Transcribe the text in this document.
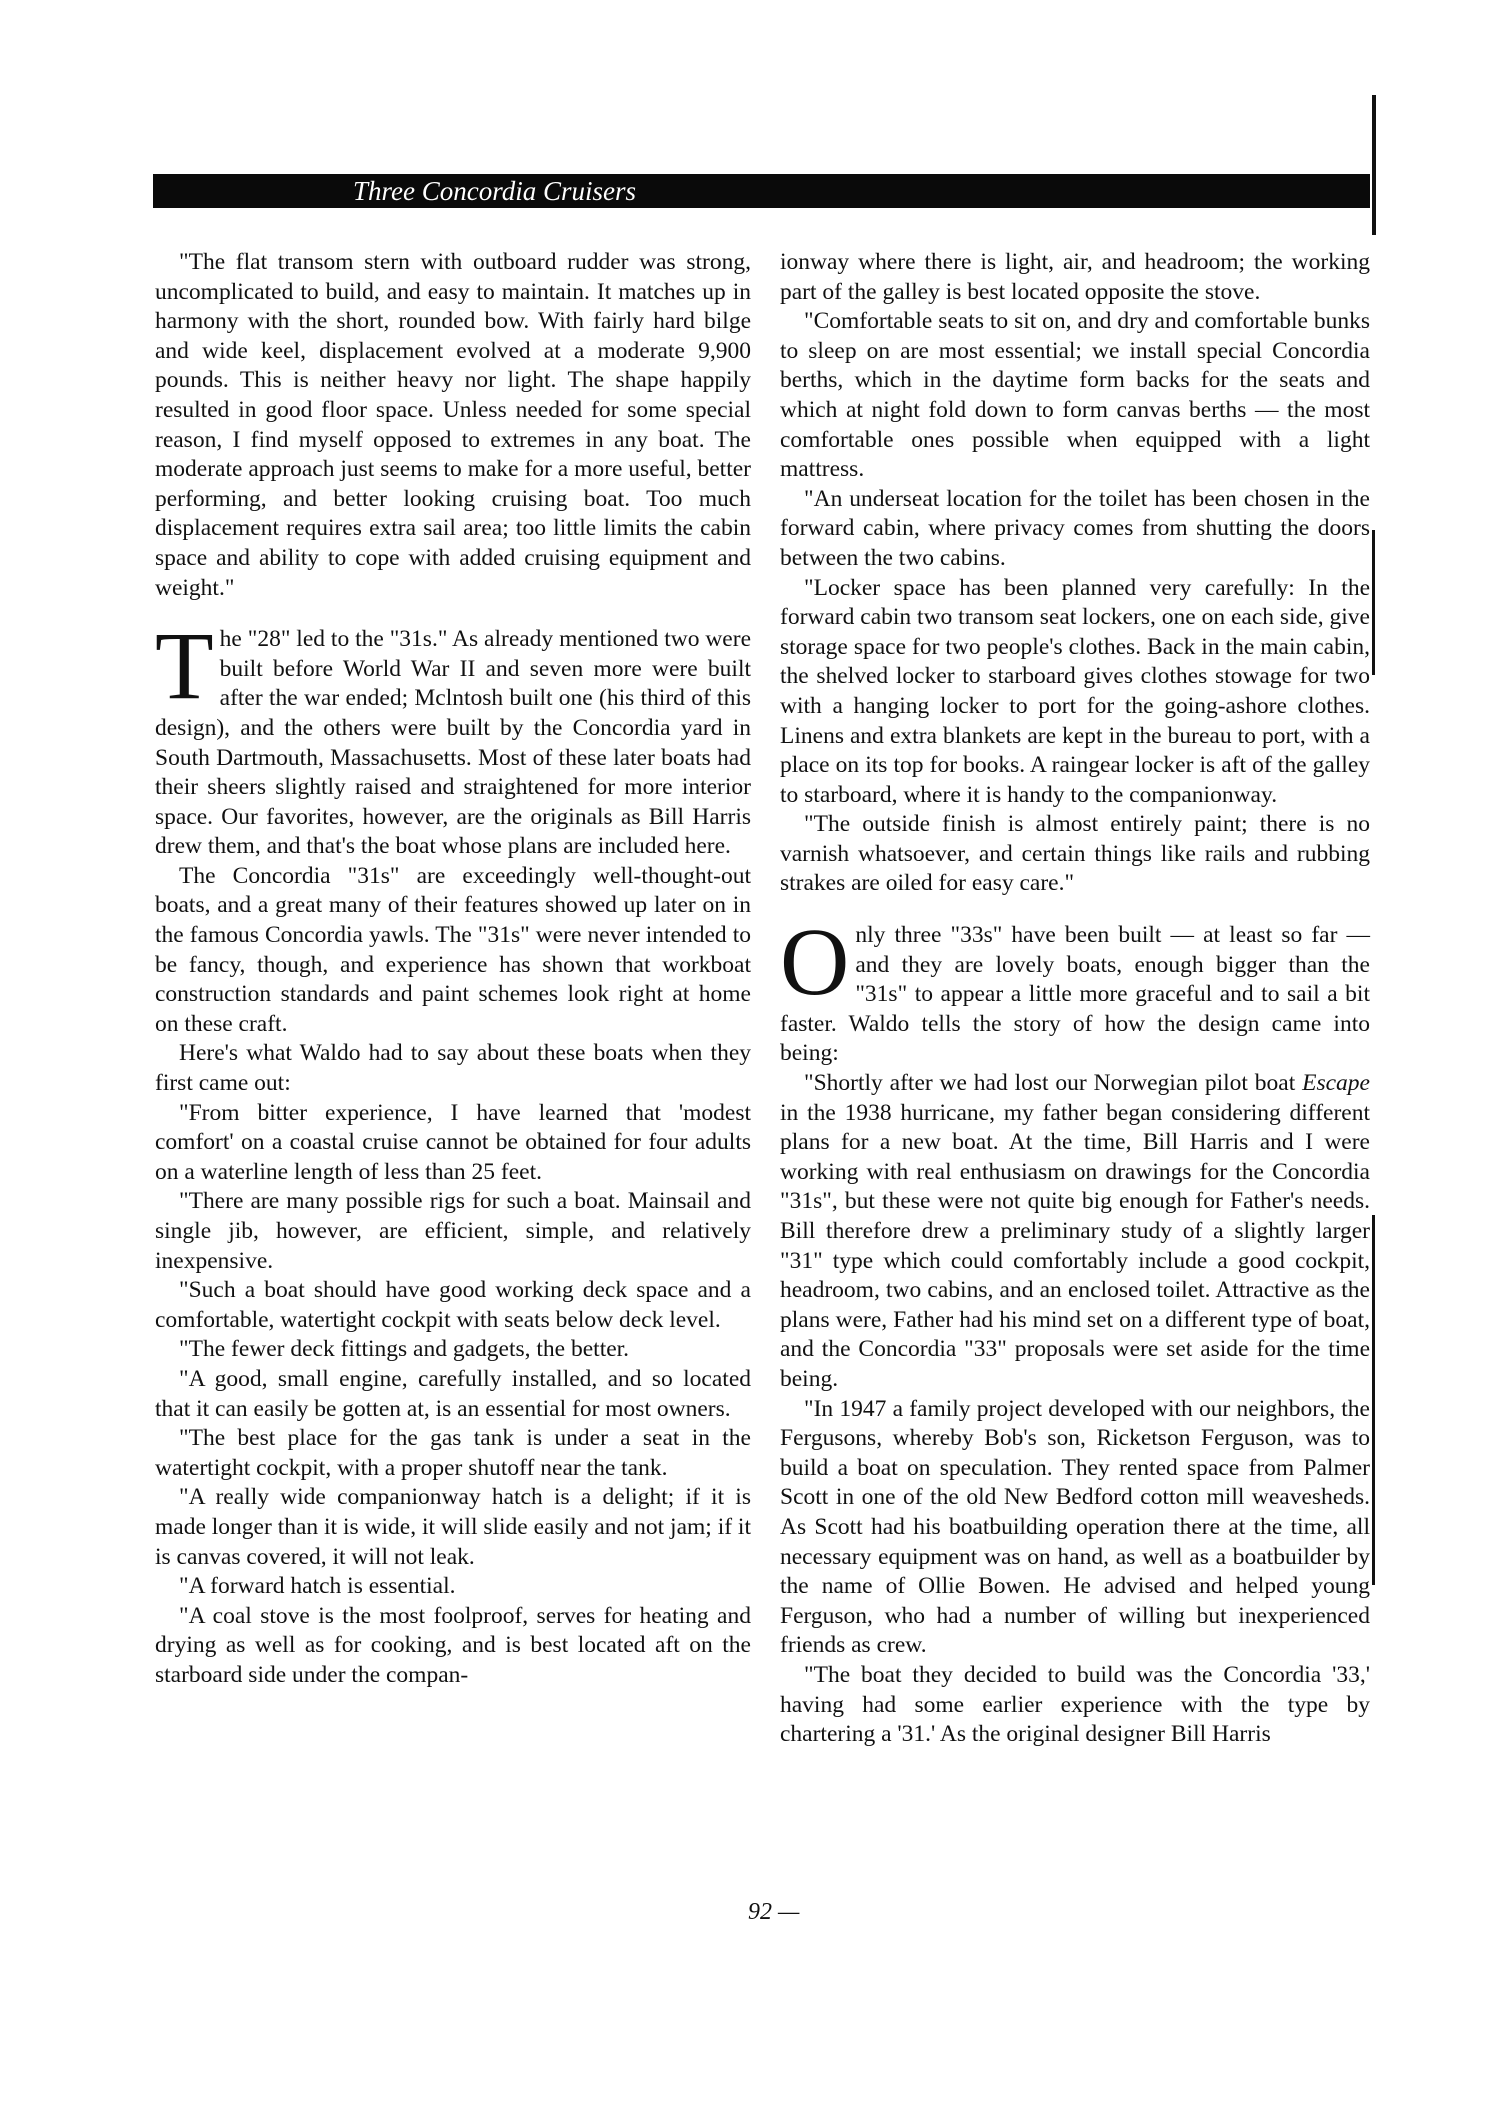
Three Concordia Cruisers

"The flat transom stern with outboard rudder was strong, uncomplicated to build, and easy to maintain. It matches up in harmony with the short, rounded bow. With fairly hard bilge and wide keel, displacement evolved at a moderate 9,900 pounds. This is neither heavy nor light. The shape happily resulted in good floor space. Unless needed for some special reason, I find myself opposed to extremes in any boat. The moderate approach just seems to make for a more useful, better performing, and better looking cruising boat. Too much displacement requires extra sail area; too little limits the cabin space and ability to cope with added cruising equipment and weight."

The "28" led to the "31s." As already mentioned two were built before World War II and seven more were built after the war ended; Mclntosh built one (his third of this design), and the others were built by the Concordia yard in South Dartmouth, Massachusetts. Most of these later boats had their sheers slightly raised and straightened for more interior space. Our favorites, however, are the originals as Bill Harris drew them, and that's the boat whose plans are included here.

The Concordia "31s" are exceedingly well-thought-out boats, and a great many of their features showed up later on in the famous Concordia yawls. The "31s" were never intended to be fancy, though, and experience has shown that workboat construction standards and paint schemes look right at home on these craft.

Here's what Waldo had to say about these boats when they first came out:

"From bitter experience, I have learned that 'modest comfort' on a coastal cruise cannot be obtained for four adults on a waterline length of less than 25 feet.

"There are many possible rigs for such a boat. Mainsail and single jib, however, are efficient, simple, and relatively inexpensive.

"Such a boat should have good working deck space and a comfortable, watertight cockpit with seats below deck level.

"The fewer deck fittings and gadgets, the better.

"A good, small engine, carefully installed, and so located that it can easily be gotten at, is an essential for most owners.

"The best place for the gas tank is under a seat in the watertight cockpit, with a proper shutoff near the tank.

"A really wide companionway hatch is a delight; if it is made longer than it is wide, it will slide easily and not jam; if it is canvas covered, it will not leak.

"A forward hatch is essential.

"A coal stove is the most foolproof, serves for heating and drying as well as for cooking, and is best located aft on the starboard side under the compan-

ionway where there is light, air, and headroom; the working part of the galley is best located opposite the stove.

"Comfortable seats to sit on, and dry and comfortable bunks to sleep on are most essential; we install special Concordia berths, which in the daytime form backs for the seats and which at night fold down to form canvas berths — the most comfortable ones possible when equipped with a light mattress.

"An underseat location for the toilet has been chosen in the forward cabin, where privacy comes from shutting the doors between the two cabins.

"Locker space has been planned very carefully: In the forward cabin two transom seat lockers, one on each side, give storage space for two people's clothes. Back in the main cabin, the shelved locker to starboard gives clothes stowage for two with a hanging locker to port for the going-ashore clothes. Linens and extra blankets are kept in the bureau to port, with a place on its top for books. A raingear locker is aft of the galley to starboard, where it is handy to the companionway.

"The outside finish is almost entirely paint; there is no varnish whatsoever, and certain things like rails and rubbing strakes are oiled for easy care."

Only three "33s" have been built — at least so far — and they are lovely boats, enough bigger than the "31s" to appear a little more graceful and to sail a bit faster. Waldo tells the story of how the design came into being:

"Shortly after we had lost our Norwegian pilot boat Escape in the 1938 hurricane, my father began considering different plans for a new boat. At the time, Bill Harris and I were working with real enthusiasm on drawings for the Concordia "31s", but these were not quite big enough for Father's needs. Bill therefore drew a preliminary study of a slightly larger "31" type which could comfortably include a good cockpit, headroom, two cabins, and an enclosed toilet. Attractive as the plans were, Father had his mind set on a different type of boat, and the Concordia "33" proposals were set aside for the time being.

"In 1947 a family project developed with our neighbors, the Fergusons, whereby Bob's son, Ricketson Ferguson, was to build a boat on speculation. They rented space from Palmer Scott in one of the old New Bedford cotton mill weavesheds. As Scott had his boatbuilding operation there at the time, all necessary equipment was on hand, as well as a boatbuilder by the name of Ollie Bowen. He advised and helped young Ferguson, who had a number of willing but inexperienced friends as crew.

"The boat they decided to build was the Concordia '33,' having had some earlier experience with the type by chartering a '31.' As the original designer Bill Harris

92 —
